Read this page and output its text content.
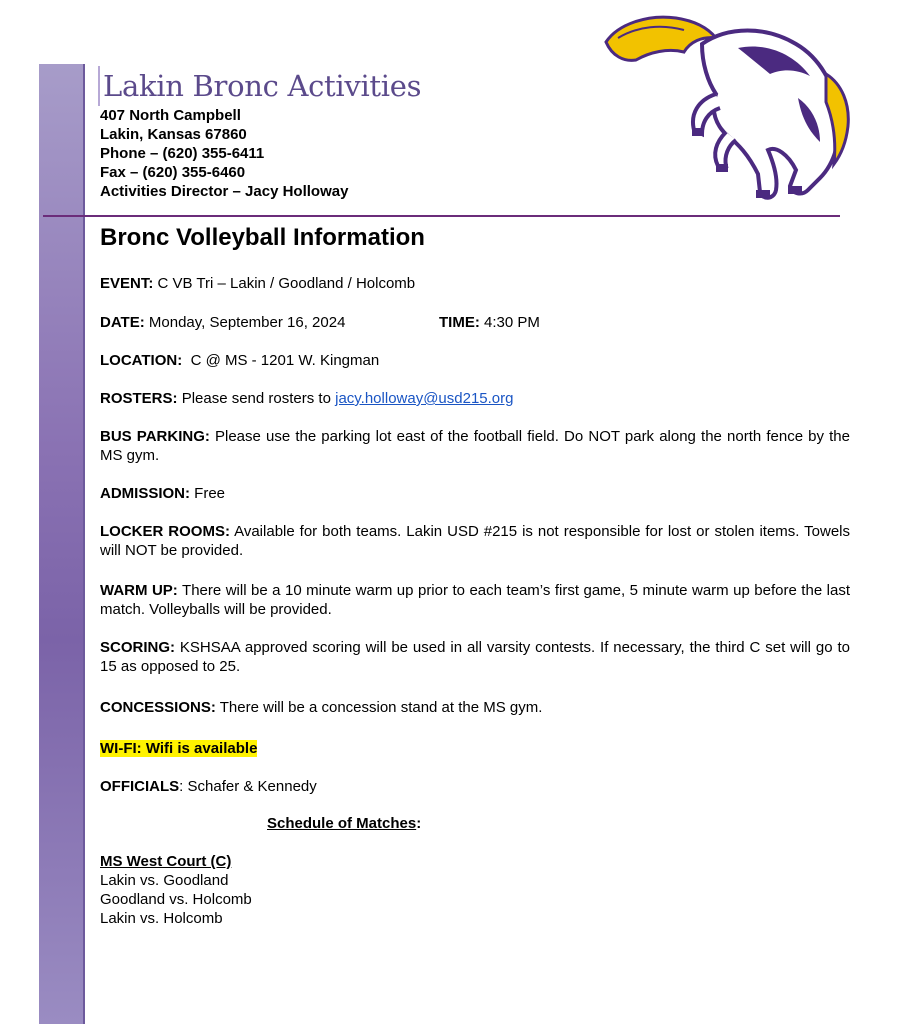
Lakin Bronc Activities
407 North Campbell
Lakin, Kansas 67860
Phone – (620) 355-6411
Fax – (620) 355-6460
Activities Director – Jacy Holloway
Bronc Volleyball Information
EVENT: C VB Tri – Lakin / Goodland / Holcomb
DATE: Monday, September 16, 2024	TIME: 4:30 PM
LOCATION: C @ MS - 1201 W. Kingman
ROSTERS: Please send rosters to jacy.holloway@usd215.org
BUS PARKING: Please use the parking lot east of the football field. Do NOT park along the north fence by the MS gym.
ADMISSION: Free
LOCKER ROOMS: Available for both teams. Lakin USD #215 is not responsible for lost or stolen items. Towels will NOT be provided.
WARM UP: There will be a 10 minute warm up prior to each team’s first game, 5 minute warm up before the last match. Volleyballs will be provided.
SCORING: KSHSAA approved scoring will be used in all varsity contests. If necessary, the third C set will go to 15 as opposed to 25.
CONCESSIONS: There will be a concession stand at the MS gym.
WI-FI: Wifi is available
OFFICIALS: Schafer & Kennedy
Schedule of Matches:
MS West Court (C)
Lakin vs. Goodland
Goodland vs. Holcomb
Lakin vs. Holcomb
